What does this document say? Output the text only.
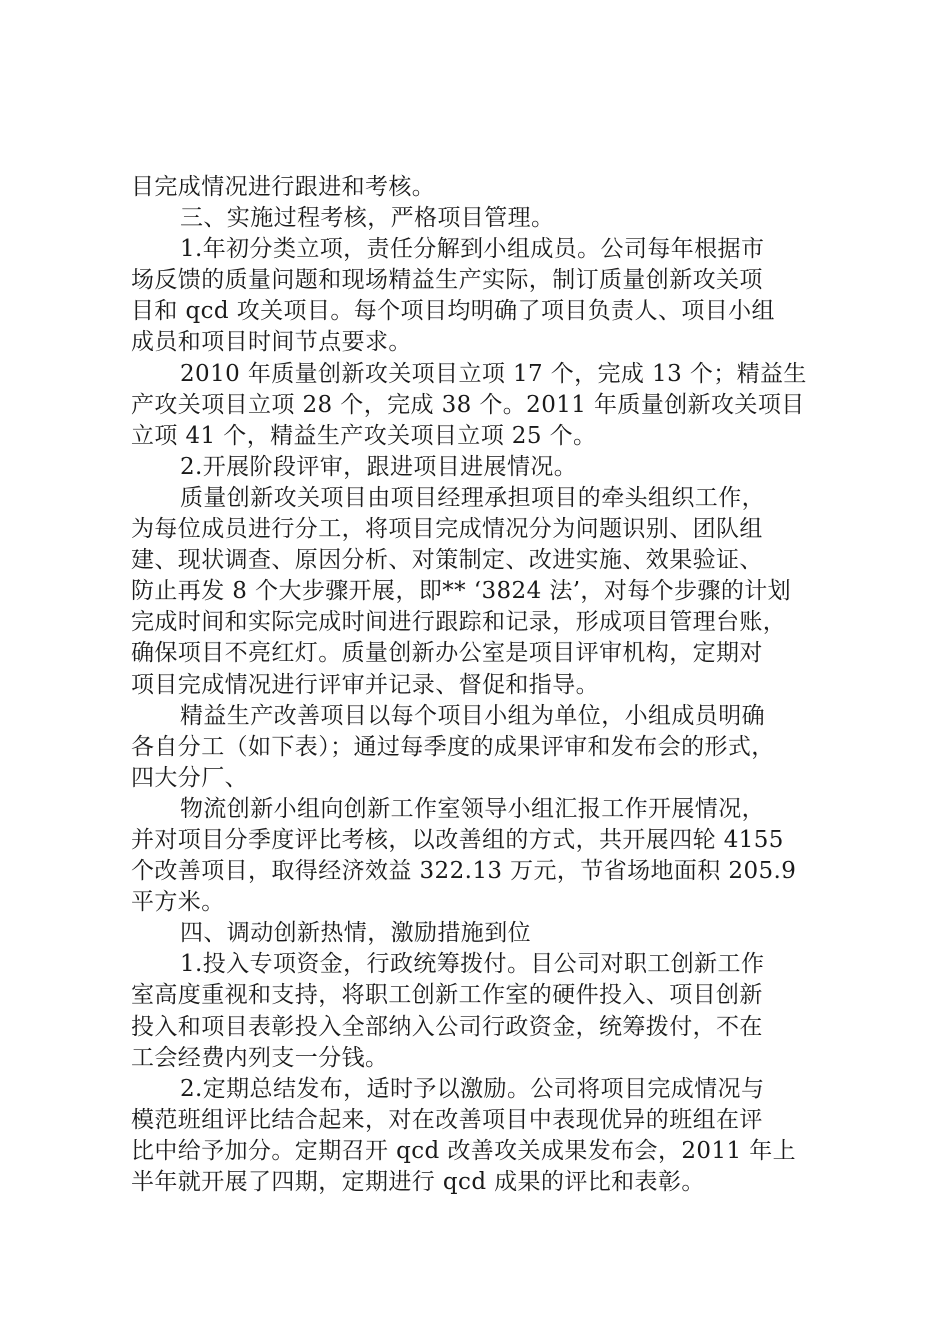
目完成情况进行跟进和考核。
三、实施过程考核，严格项目管理。
1.年初分类立项，责任分解到小组成员。公司每年根据市
场反馈的质量问题和现场精益生产实际，制订质量创新攻关项
目和 qcd 攻关项目。每个项目均明确了项目负责人、项目小组
成员和项目时间节点要求。
2010 年质量创新攻关项目立项 17 个，完成 13 个；精益生
产攻关项目立项 28 个，完成 38 个。2011 年质量创新攻关项目
立项 41 个，精益生产攻关项目立项 25 个。
2.开展阶段评审，跟进项目进展情况。
质量创新攻关项目由项目经理承担项目的牵头组织工作，
为每位成员进行分工，将项目完成情况分为问题识别、团队组
建、现状调查、原因分析、对策制定、改进实施、效果验证、
防止再发 8 个大步骤开展，即** ‘3824 法’，对每个步骤的计划
完成时间和实际完成时间进行跟踪和记录，形成项目管理台账，
确保项目不亮红灯。质量创新办公室是项目评审机构，定期对
项目完成情况进行评审并记录、督促和指导。
精益生产改善项目以每个项目小组为单位，小组成员明确
各自分工（如下表）；通过每季度的成果评审和发布会的形式，
四大分厂、
物流创新小组向创新工作室领导小组汇报工作开展情况，
并对项目分季度评比考核，以改善组的方式，共开展四轮 4155
个改善项目，取得经济效益 322.13 万元，节省场地面积 205.9
平方米。
四、调动创新热情，激励措施到位
1.投入专项资金，行政统筹拨付。目公司对职工创新工作
室高度重视和支持，将职工创新工作室的硬件投入、项目创新
投入和项目表彰投入全部纳入公司行政资金，统筹拨付，不在
工会经费内列支一分钱。
2.定期总结发布，适时予以激励。公司将项目完成情况与
模范班组评比结合起来，对在改善项目中表现优异的班组在评
比中给予加分。定期召开 qcd 改善攻关成果发布会，2011 年上
半年就开展了四期，定期进行 qcd 成果的评比和表彰。
